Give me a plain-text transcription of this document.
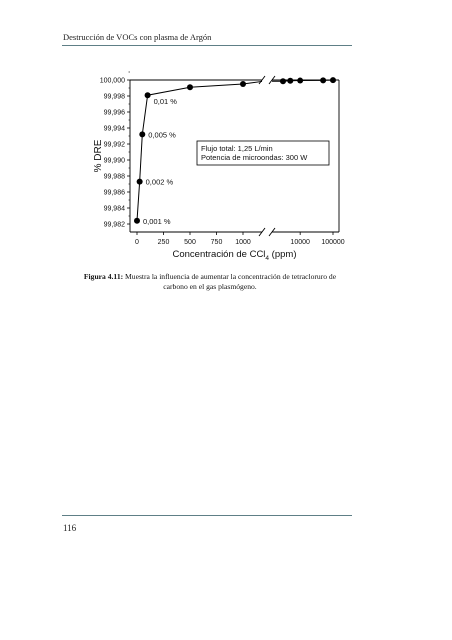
Destrucción de VOCs con plasma de Argón
100,000
99,998
99,996
99,994
99,992
99,990
99,988
99,986
99,984
99,982
0	250 500 750 1000	10000 100000
% DRE
Concentración de CCl$_4$ (ppm)
0,01 %
0,005 %
0,002 %
0,001 %
Flujo total: 1,25 L/min
Potencia de microondas: 300 W
Figura 4.11: Muestra la influencia de aumentar la concentración de tetracloruro de carbono en el gas plasmógeno.
116
